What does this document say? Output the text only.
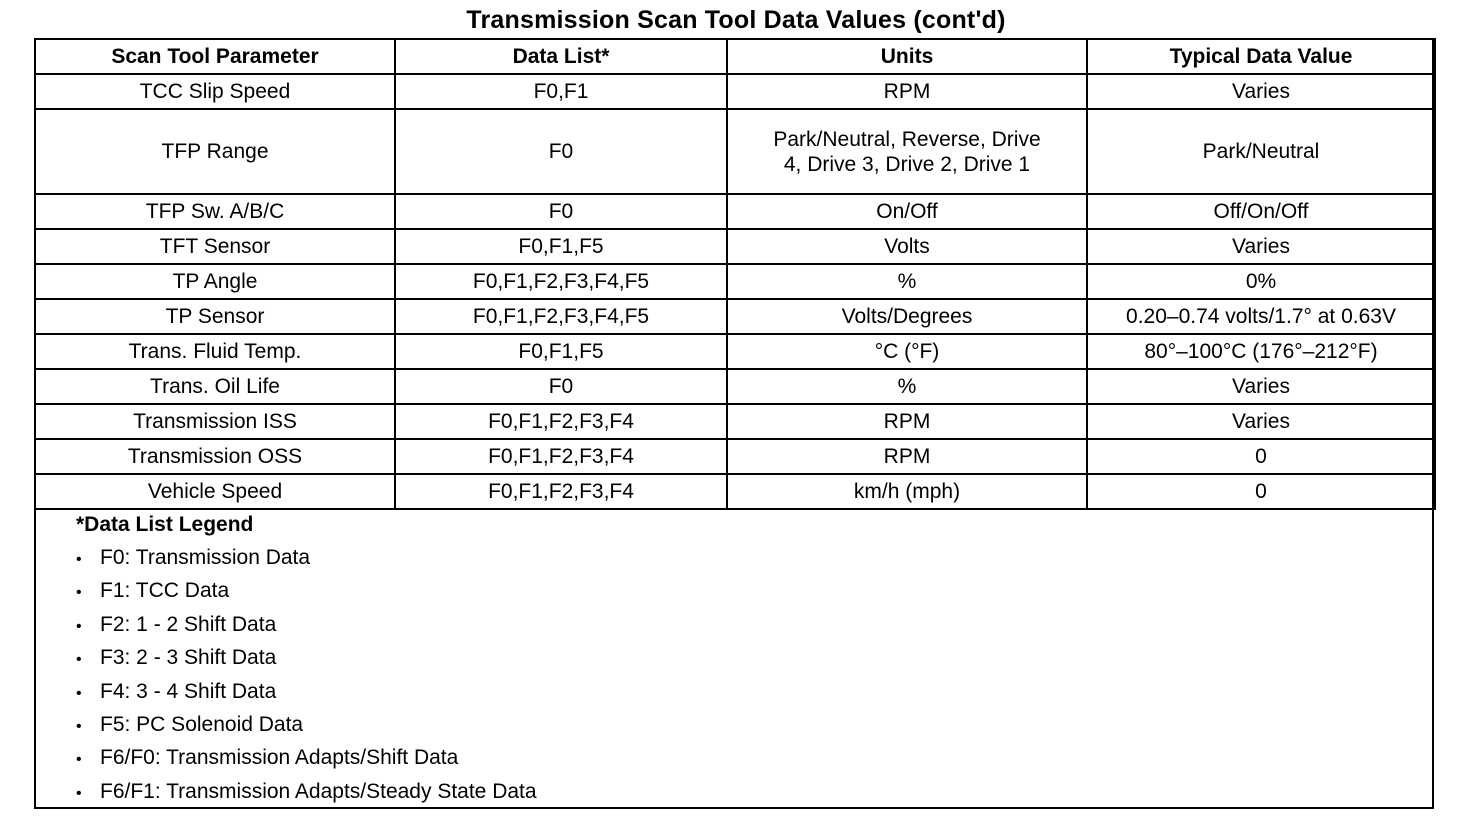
Transmission Scan Tool Data Values (cont'd)
Scan Tool Parameter	Data List*	Units	Typical Data Value
TCC Slip Speed	F0,F1	RPM	Varies
TFP Range	F0	Park/Neutral, Reverse, Drive 4, Drive 3, Drive 2, Drive 1	Park/Neutral
TFP Sw. A/B/C	F0	On/Off	Off/On/Off
TFT Sensor	F0,F1,F5	Volts	Varies
TP Angle	F0,F1,F2,F3,F4,F5	%	0%
TP Sensor	F0,F1,F2,F3,F4,F5	Volts/Degrees	0.20–0.74 volts/1.7° at 0.63V
Trans. Fluid Temp.	F0,F1,F5	°C (°F)	80°–100°C (176°–212°F)
Trans. Oil Life	F0	%	Varies
Transmission ISS	F0,F1,F2,F3,F4	RPM	Varies
Transmission OSS	F0,F1,F2,F3,F4	RPM	0
Vehicle Speed	F0,F1,F2,F3,F4	km/h (mph)	0
*Data List Legend
• F0: Transmission Data
• F1: TCC Data
• F2: 1 - 2 Shift Data
• F3: 2 - 3 Shift Data
• F4: 3 - 4 Shift Data
• F5: PC Solenoid Data
• F6/F0: Transmission Adapts/Shift Data
• F6/F1: Transmission Adapts/Steady State Data
